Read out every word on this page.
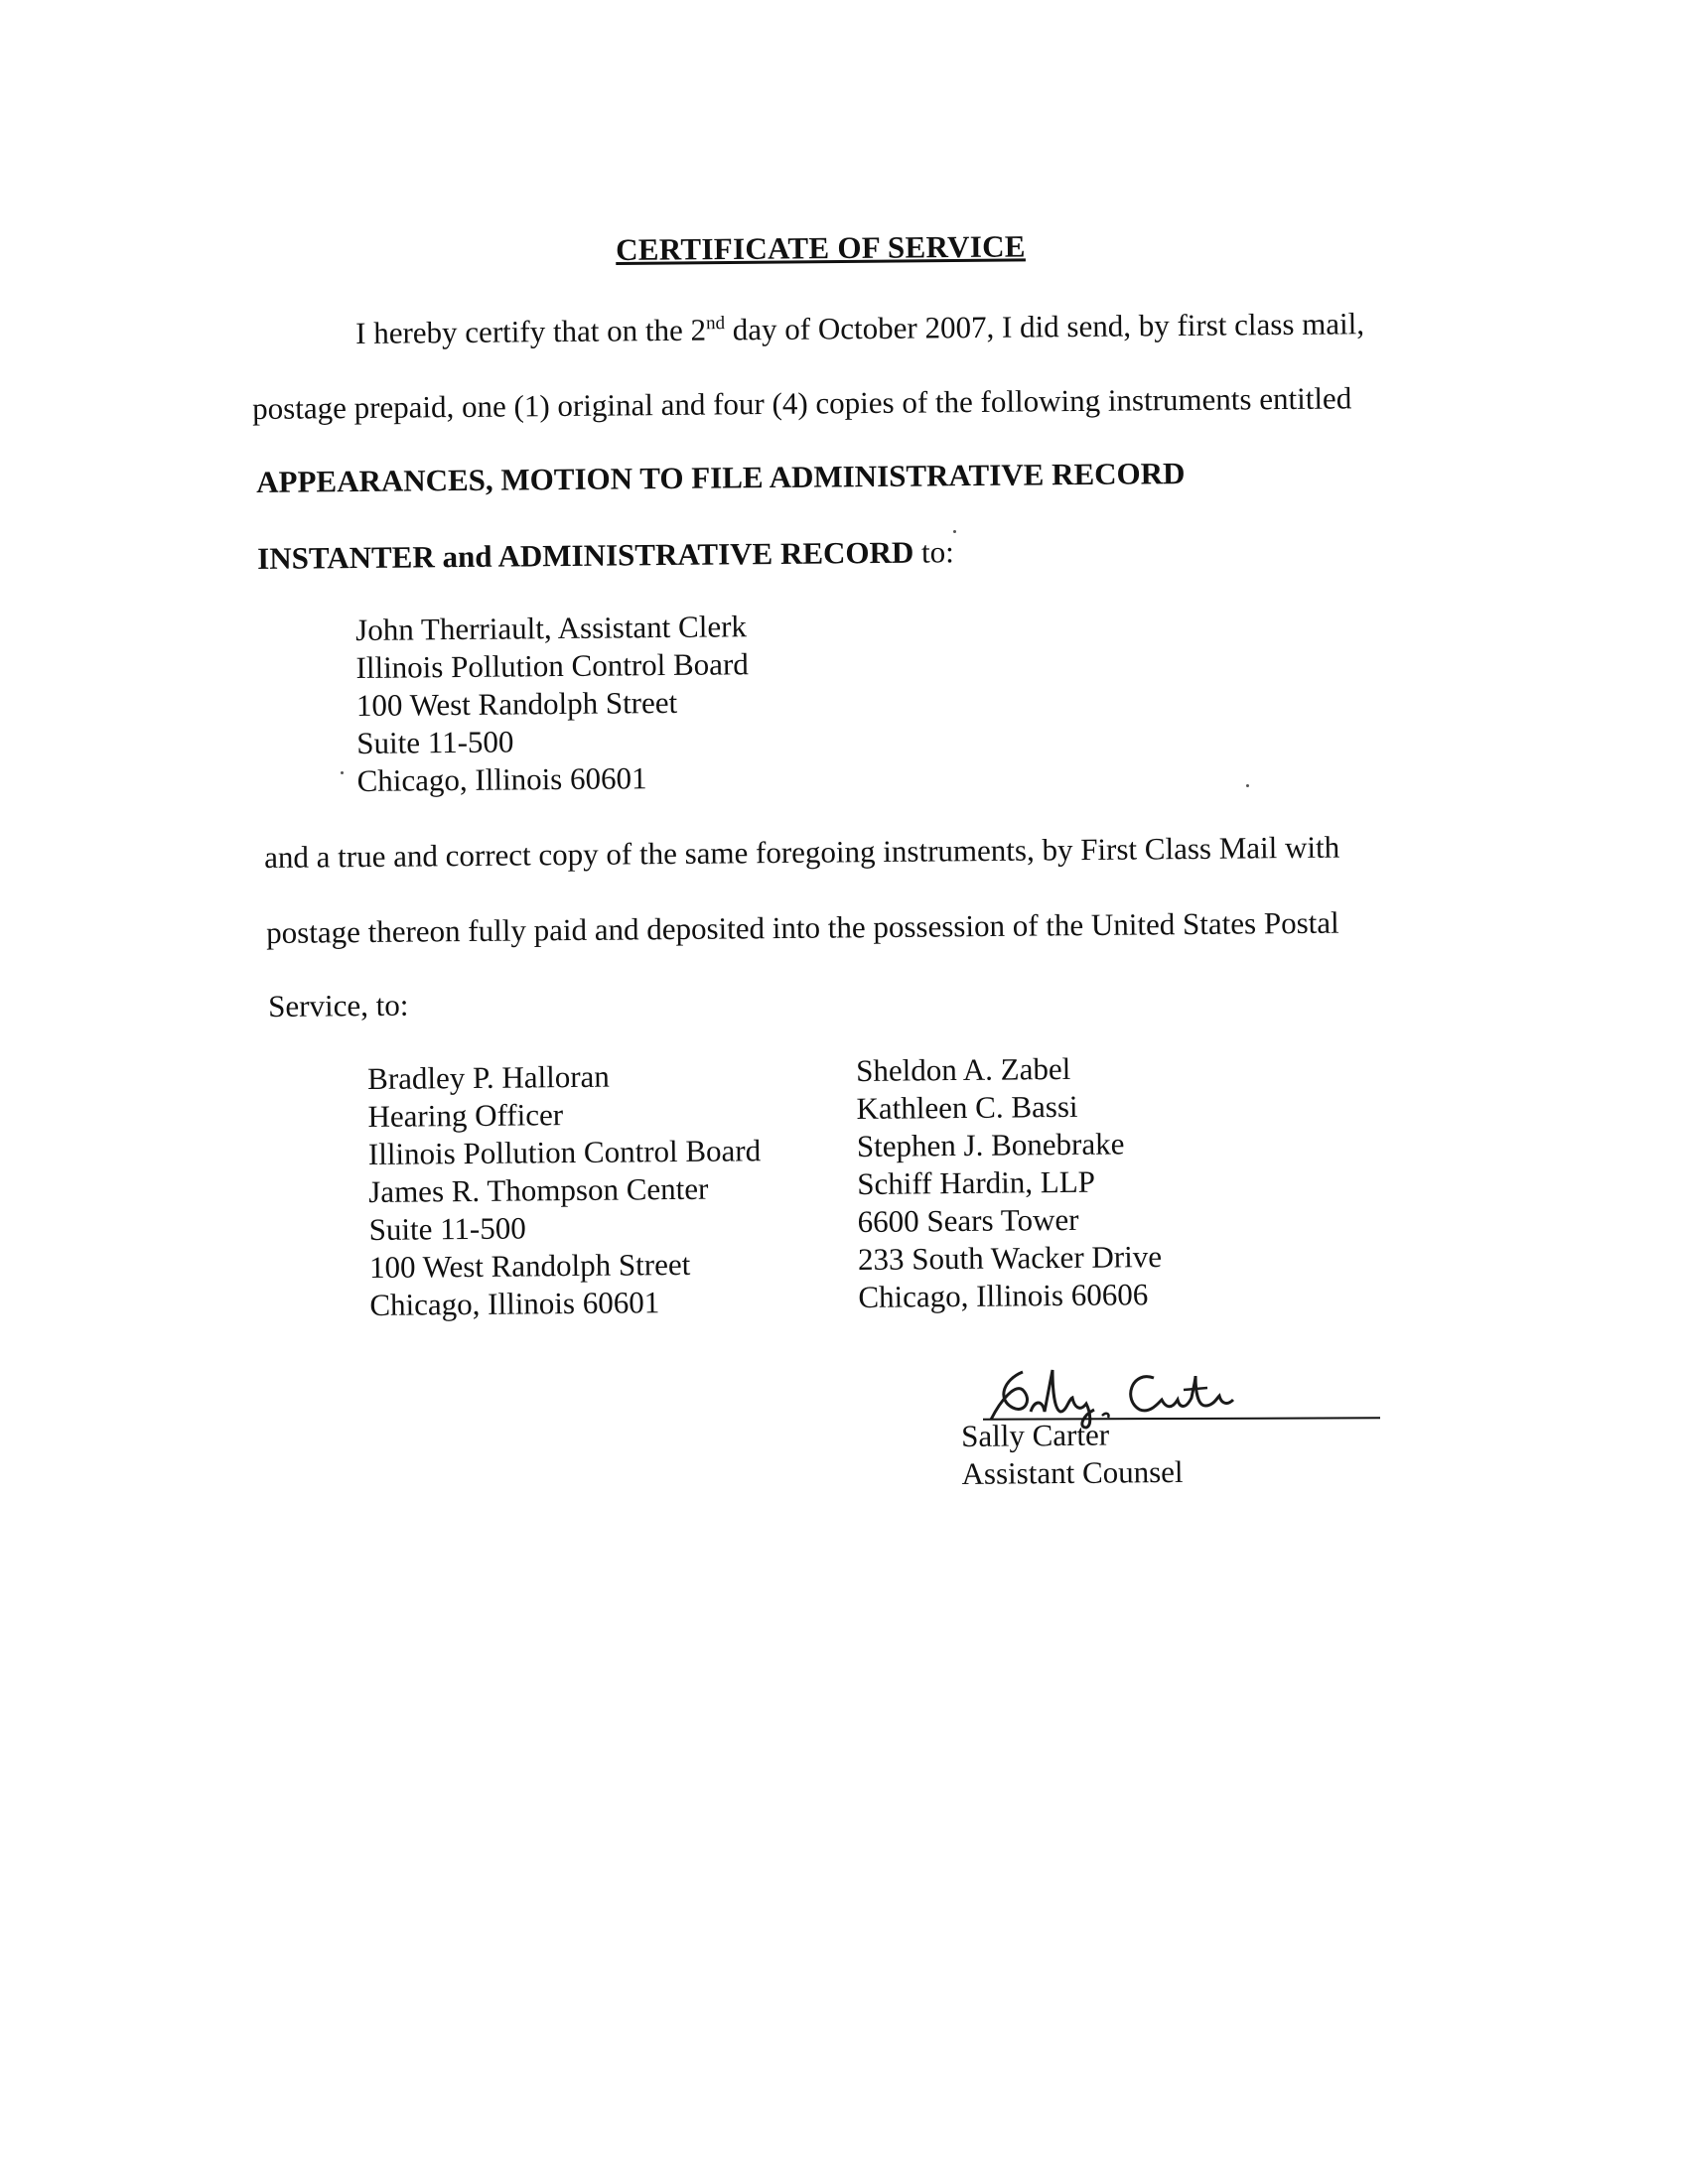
CERTIFICATE OF SERVICE
I hereby certify that on the 2nd day of October 2007, I did send, by first class mail,
postage prepaid, one (1) original and four (4) copies of the following instruments entitled
APPEARANCES, MOTION TO FILE ADMINISTRATIVE RECORD
INSTANTER and ADMINISTRATIVE RECORD to:
John Therriault, Assistant Clerk
Illinois Pollution Control Board
100 West Randolph Street
Suite 11-500
Chicago, Illinois 60601
and a true and correct copy of the same foregoing instruments, by First Class Mail with
postage thereon fully paid and deposited into the possession of the United States Postal
Service, to:
Bradley P. Halloran
Hearing Officer
Illinois Pollution Control Board
James R. Thompson Center
Suite 11-500
100 West Randolph Street
Chicago, Illinois 60601
Sheldon A. Zabel
Kathleen C. Bassi
Stephen J. Bonebrake
Schiff Hardin, LLP
6600 Sears Tower
233 South Wacker Drive
Chicago, Illinois 60606
Sally Carter
Assistant Counsel
